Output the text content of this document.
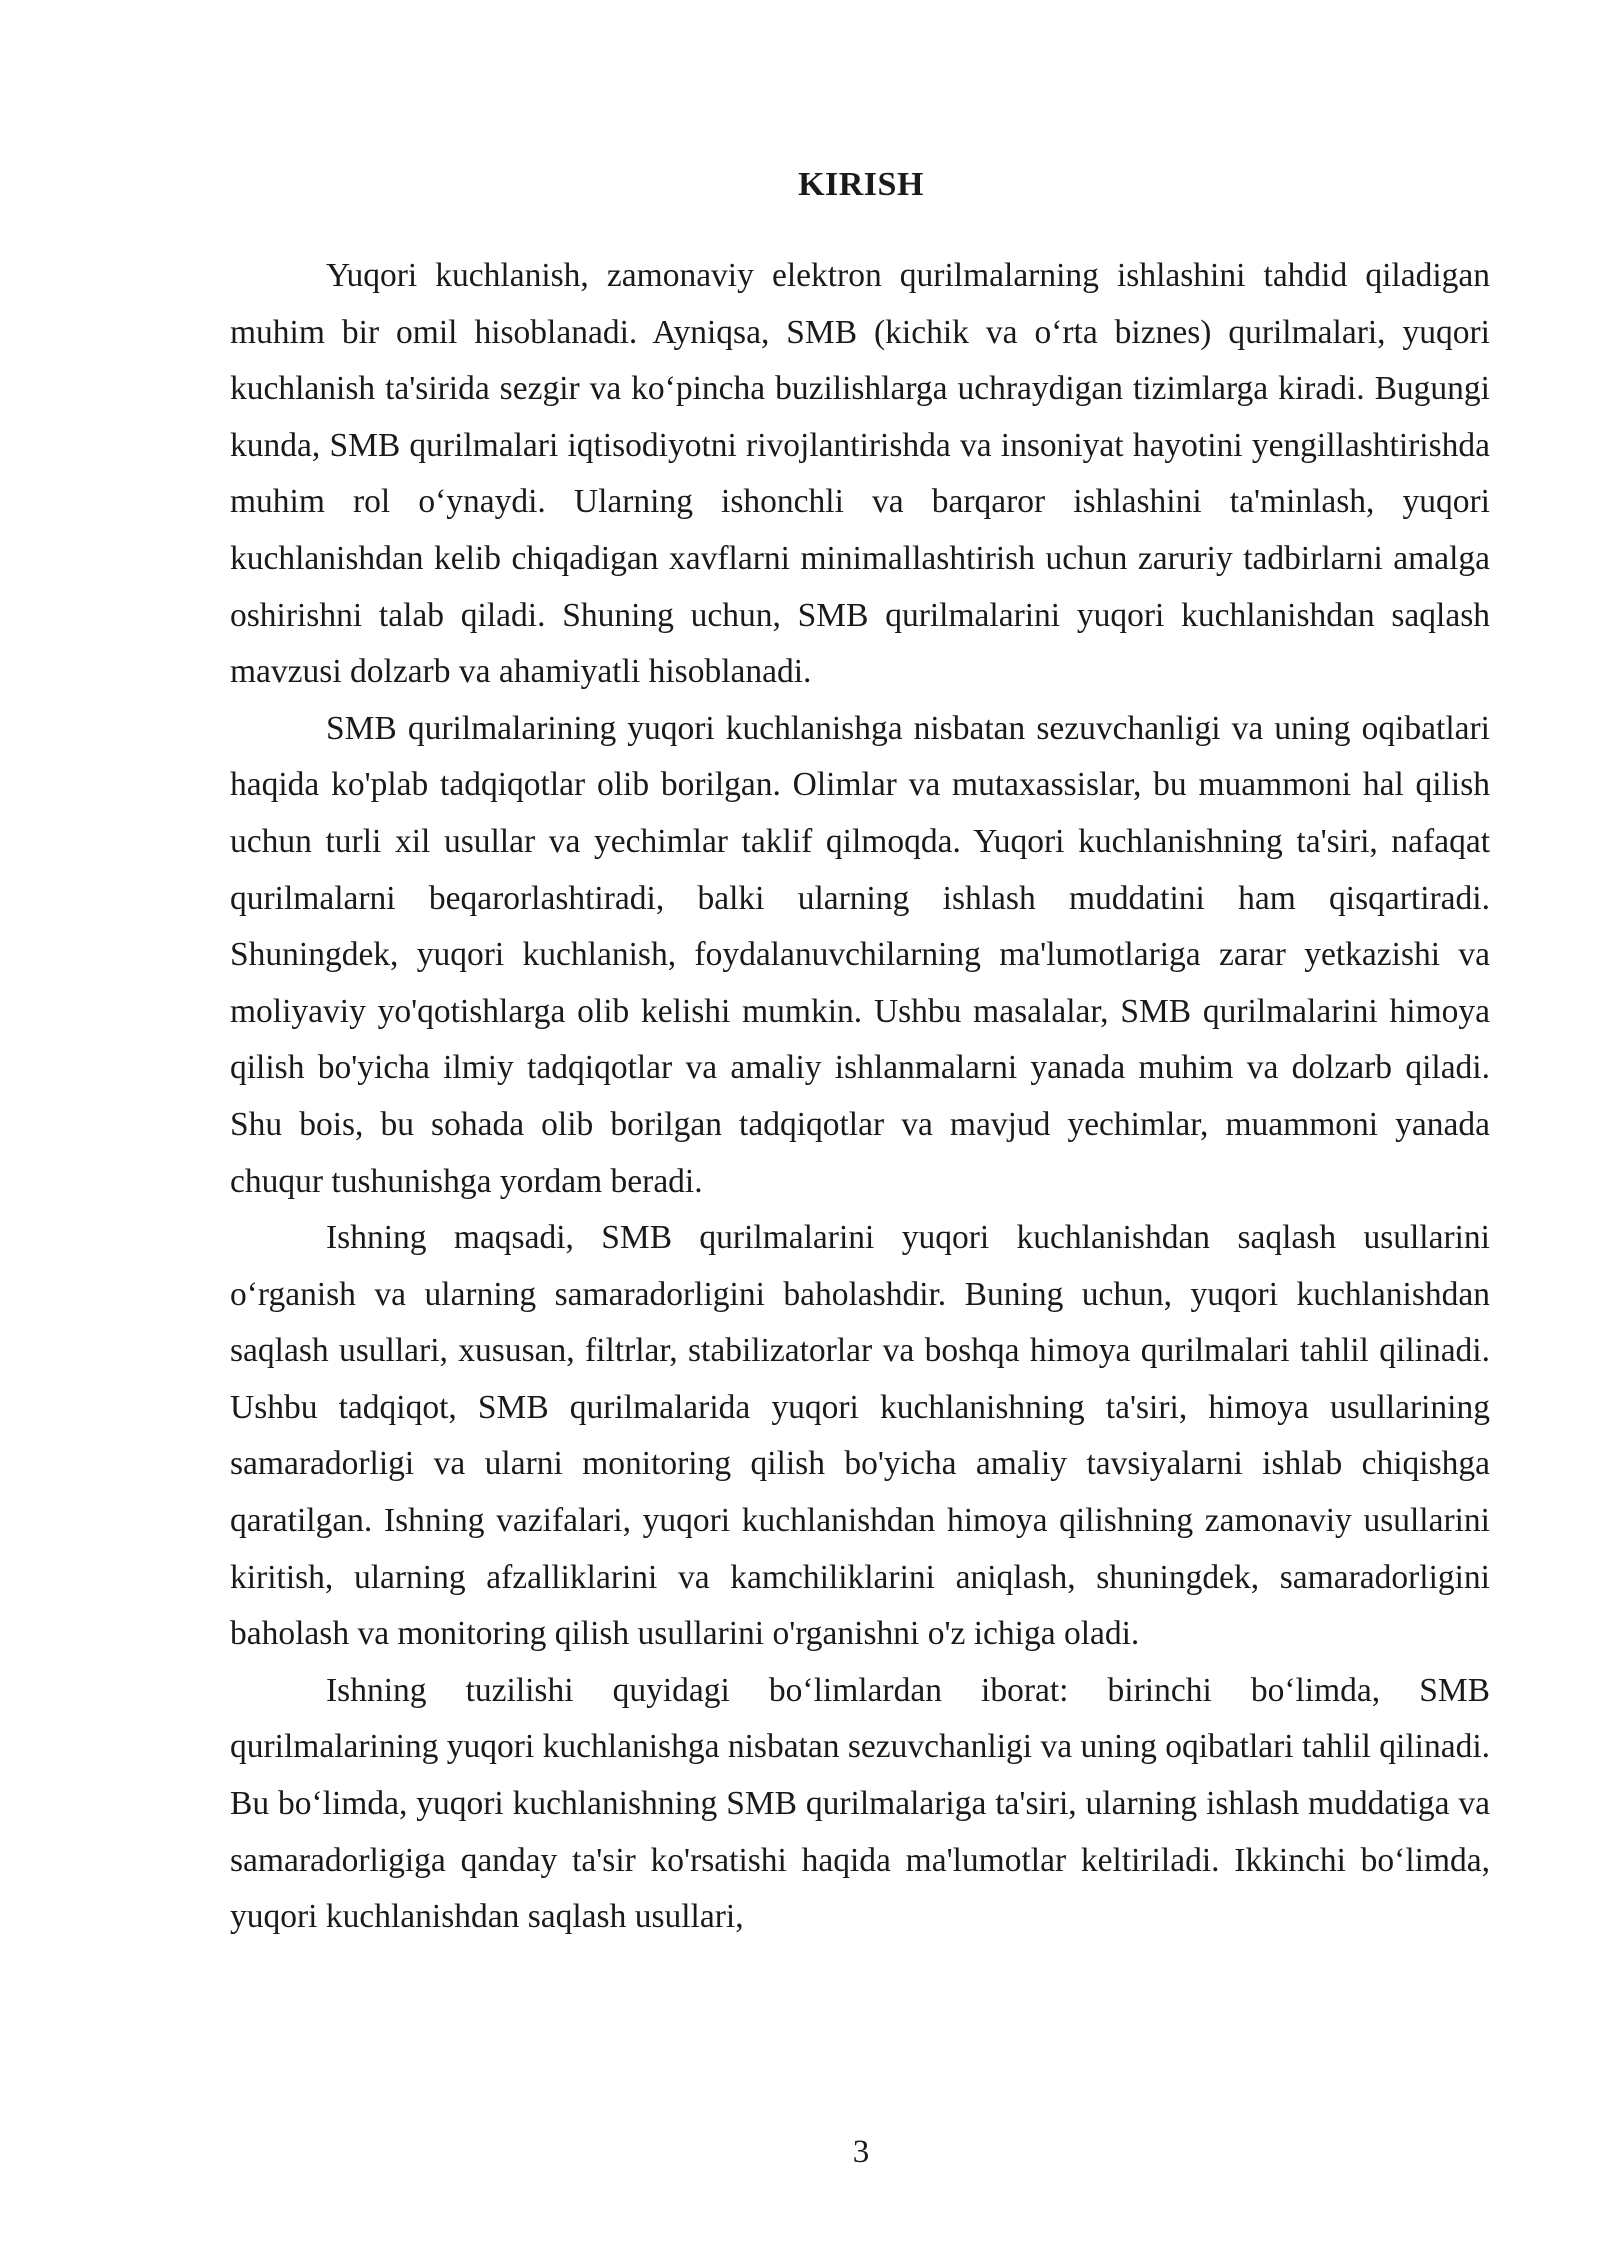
KIRISH

Yuqori kuchlanish, zamonaviy elektron qurilmalarning ishlashini tahdid qiladigan muhim bir omil hisoblanadi. Ayniqsa, SMB (kichik va o‘rta biznes) qurilmalari, yuqori kuchlanish ta'sirida sezgir va ko‘pincha buzilishlarga uchraydigan tizimlarga kiradi. Bugungi kunda, SMB qurilmalari iqtisodiyotni rivojlantirishda va insoniyat hayotini yengillashtirishda muhim rol o‘ynaydi. Ularning ishonchli va barqaror ishlashini ta'minlash, yuqori kuchlanishdan kelib chiqadigan xavflarni minimallashtirish uchun zaruriy tadbirlarni amalga oshirishni talab qiladi. Shuning uchun, SMB qurilmalarini yuqori kuchlanishdan saqlash mavzusi dolzarb va ahamiyatli hisoblanadi.

SMB qurilmalarining yuqori kuchlanishga nisbatan sezuvchanligi va uning oqibatlari haqida ko'plab tadqiqotlar olib borilgan. Olimlar va mutaxassislar, bu muammoni hal qilish uchun turli xil usullar va yechimlar taklif qilmoqda. Yuqori kuchlanishning ta'siri, nafaqat qurilmalarni beqarorlashtiradi, balki ularning ishlash muddatini ham qisqartiradi. Shuningdek, yuqori kuchlanish, foydalanuvchilarning ma'lumotlariga zarar yetkazishi va moliyaviy yo'qotishlarga olib kelishi mumkin. Ushbu masalalar, SMB qurilmalarini himoya qilish bo'yicha ilmiy tadqiqotlar va amaliy ishlanmalarni yanada muhim va dolzarb qiladi. Shu bois, bu sohada olib borilgan tadqiqotlar va mavjud yechimlar, muammoni yanada chuqur tushunishga yordam beradi.

Ishning maqsadi, SMB qurilmalarini yuqori kuchlanishdan saqlash usullarini o‘rganish va ularning samaradorligini baholashdir. Buning uchun, yuqori kuchlanishdan saqlash usullari, xususan, filtrlar, stabilizatorlar va boshqa himoya qurilmalari tahlil qilinadi. Ushbu tadqiqot, SMB qurilmalarida yuqori kuchlanishning ta'siri, himoya usullarining samaradorligi va ularni monitoring qilish bo'yicha amaliy tavsiyalarni ishlab chiqishga qaratilgan. Ishning vazifalari, yuqori kuchlanishdan himoya qilishning zamonaviy usullarini kiritish, ularning afzalliklarini va kamchiliklarini aniqlash, shuningdek, samaradorligini baholash va monitoring qilish usullarini o'rganishni o'z ichiga oladi.

Ishning tuzilishi quyidagi bo‘limlardan iborat: birinchi bo‘limda, SMB qurilmalarining yuqori kuchlanishga nisbatan sezuvchanligi va uning oqibatlari tahlil qilinadi. Bu bo‘limda, yuqori kuchlanishning SMB qurilmalariga ta'siri, ularning ishlash muddatiga va samaradorligiga qanday ta'sir ko'rsatishi haqida ma'lumotlar keltiriladi. Ikkinchi bo‘limda, yuqori kuchlanishdan saqlash usullari,

3
